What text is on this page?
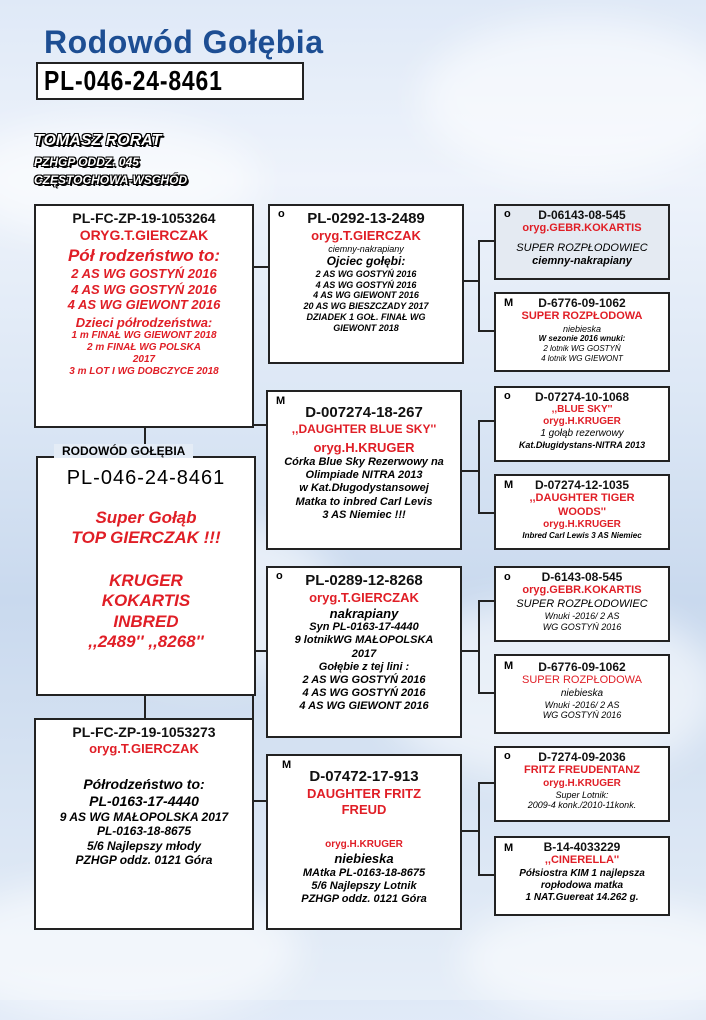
Rodowód Gołębia
PL-046-24-8461
TOMASZ RORAT
PZHGP ODDZ. 045
CZĘSTOCHOWA-WSCHÓD

PL-FC-ZP-19-1053264

ORYG.T.GIERCZAK

Pół rodzeństwo to:

2 AS WG GOSTYŃ 2016

4 AS WG GOSTYŃ 2016

4 AS WG GIEWONT 2016

Dzieci półrodzeństwa:

1 m FINAŁ WG GIEWONT 2018

2 m FINAŁ WG POLSKA 2017

3 m LOT I WG DOBCZYCE 2018

PL-046-24-8461

Super Gołąb

TOP GIERCZAK !!!

KRUGER

KOKARTIS

INBRED

,,2489'' ,,8268''

RODOWÓD GOŁĘBIA

PL-FC-ZP-19-1053273

oryg.T.GIERCZAK

Półrodzeństwo to:

PL-0163-17-4440

9 AS WG MAŁOPOLSKA 2017

PL-0163-18-8675

5/6 Najlepszy młody

PZHGP oddz. 0121 Góra

o	PL-0292-13-2489

oryg.T.GIERCZAK

ciemny-nakrapiany

Ojciec gołębi:

2 AS WG GOSTYŃ 2016

4 AS WG GOSTYŃ 2016

4 AS WG GIEWONT 2016

20 AS WG BIESZCZADY 2017

DZIADEK 1 GOŁ. FINAŁ WG GIEWONT 2018

M

D-007274-18-267

,,DAUGHTER BLUE SKY''

oryg.H.KRUGER

Córka Blue Sky Rezerwowy na Olimpiade NITRA 2013

w Kat.Długodystansowej

Matka to inbred Carl Levis

3 AS Niemiec !!!

o	PL-0289-12-8268

oryg.T.GIERCZAK

nakrapiany

Syn PL-0163-17-4440

9 lotnikWG MAŁOPOLSKA 2017

Gołębie z tej lini :

2 AS WG GOSTYŃ 2016

4 AS WG GOSTYŃ 2016

4 AS WG GIEWONT 2016

M

D-07472-17-913

DAUGHTER FRITZ FREUD

oryg.H.KRUGER

niebieska

MAtka PL-0163-18-8675

5/6 Najlepszy Lotnik

PZHGP oddz. 0121 Góra

o	D-06143-08-545

oryg.GEBR.KOKARTIS

SUPER ROZPŁODOWIEC

ciemny-nakrapiany

M	D-6776-09-1062

SUPER ROZPŁODOWA

niebieska

W sezonie 2016 wnuki:

2 lotnik WG GOSTYŃ

4 lotnik WG GIEWONT

o	D-07274-10-1068

,,BLUE SKY''

oryg.H.KRUGER

1 gołąb rezerwowy

Kat.Długidystans-NITRA 2013

M	D-07274-12-1035

,,DAUGHTER TIGER WOODS''

oryg.H.KRUGER

Inbred Carl Lewis 3 AS Niemiec

o	D-6143-08-545

oryg.GEBR.KOKARTIS

SUPER ROZPŁODOWIEC

Wnuki -2016/ 2 AS

WG GOSTYŃ 2016

M	D-6776-09-1062

SUPER ROZPŁODOWA

niebieska

Wnuki -2016/ 2 AS

WG GOSTYŃ 2016

o	D-7274-09-2036

FRITZ FREUDENTANZ

oryg.H.KRUGER

Super Lotnik:

2009-4 konk./2010-11konk.

M	B-14-4033229

,,CINERELLA''

Półsiostra KIM 1 najlepsza

ropłodowa matka

1 NAT.Guereat 14.262 g.
